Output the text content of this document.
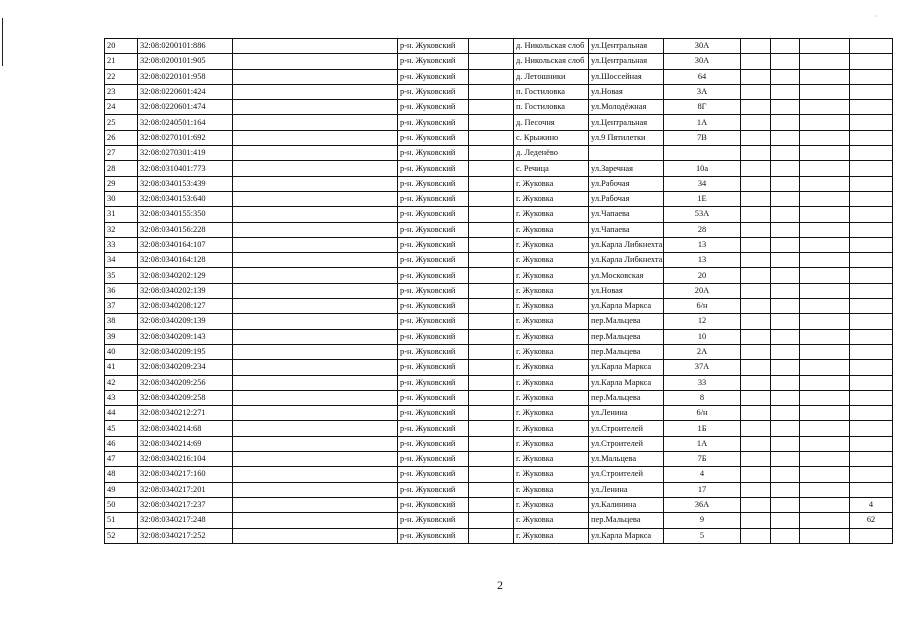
·
20	32:08:0200101:886		р-н. Жуковский		д. Никольская слоб	ул.Центральная	30А				
21	32:08:0200101:905		р-н. Жуковский		д. Никольская слоб	ул.Центральная	30А				
22	32:08:0220101:958		р-н. Жуковский		д. Летошники	ул.Шоссейная	64				
23	32:08:0220601:424		р-н. Жуковский		п. Гостиловка	ул.Новая	3А				
24	32:08:0220601:474		р-н. Жуковский		п. Гостиловка	ул.Молодёжная	8Г				
25	32:08:0240501:164		р-н. Жуковский		д. Песочня	ул.Центральная	1А				
26	32:08:0270101:692		р-н. Жуковский		с. Крыжино	ул.9 Пятилетки	7В				
27	32:08:0270301:419		р-н. Жуковский		д. Леденёво						
28	32:08:0310401:773		р-н. Жуковский		с. Речица	ул.Заречная	10а				
29	32:08:0340153:439		р-н. Жуковский		г. Жуковка	ул.Рабочая	34				
30	32:08:0340153:640		р-н. Жуковский		г. Жуковка	ул.Рабочая	1Е				
31	32:08:0340155:350		р-н. Жуковский		г. Жуковка	ул.Чапаева	53А				
32	32:08:0340156:228		р-н. Жуковский		г. Жуковка	ул.Чапаева	28				
33	32:08:0340164:107		р-н. Жуковский		г. Жуковка	ул.Карла Либкнехта	13				
34	32:08:0340164:128		р-н. Жуковский		г. Жуковка	ул.Карла Либкнехта	13				
35	32:08:0340202:129		р-н. Жуковский		г. Жуковка	ул.Московская	20				
36	32:08:0340202:139		р-н. Жуковский		г. Жуковка	ул.Новая	20А				
37	32:08:0340208:127		р-н. Жуковский		г. Жуковка	ул.Карла Маркса	6/н				
38	32:08:0340209:139		р-н. Жуковский		г. Жуковка	пер.Мальцева	12				
39	32:08:0340209:143		р-н. Жуковский		г. Жуковка	пер.Мальцева	10				
40	32:08:0340209:195		р-н. Жуковский		г. Жуковка	пер.Мальцева	2А				
41	32:08:0340209:234		р-н. Жуковский		г. Жуковка	ул.Карла Маркса	37А				
42	32:08:0340209:256		р-н. Жуковский		г. Жуковка	ул.Карла Маркса	33				
43	32:08:0340209:258		р-н. Жуковский		г. Жуковка	пер.Мальцева	8				
44	32:08:0340212:271		р-н. Жуковский		г. Жуковка	ул.Ленина	6/н				
45	32:08:0340214:68		р-н. Жуковский		г. Жуковка	ул.Строителей	1Б				
46	32:08:0340214:69		р-н. Жуковский		г. Жуковка	ул.Строителей	1А				
47	32:08:0340216:104		р-н. Жуковский		г. Жуковка	ул.Мальцева	7Б				
48	32:08:0340217:160		р-н. Жуковский		г. Жуковка	ул.Строителей	4				
49	32:08:0340217:201		р-н. Жуковский		г. Жуковка	ул.Ленина	17				
50	32:08:0340217:237		р-н. Жуковский		г. Жуковка	ул.Калинина	36А				4
51	32:08:0340217:248		р-н. Жуковский		г. Жуковка	пер.Мальцева	9				62
52	32:08:0340217:252		р-н. Жуковский		г. Жуковка	ул.Карла Маркса	5				
2
